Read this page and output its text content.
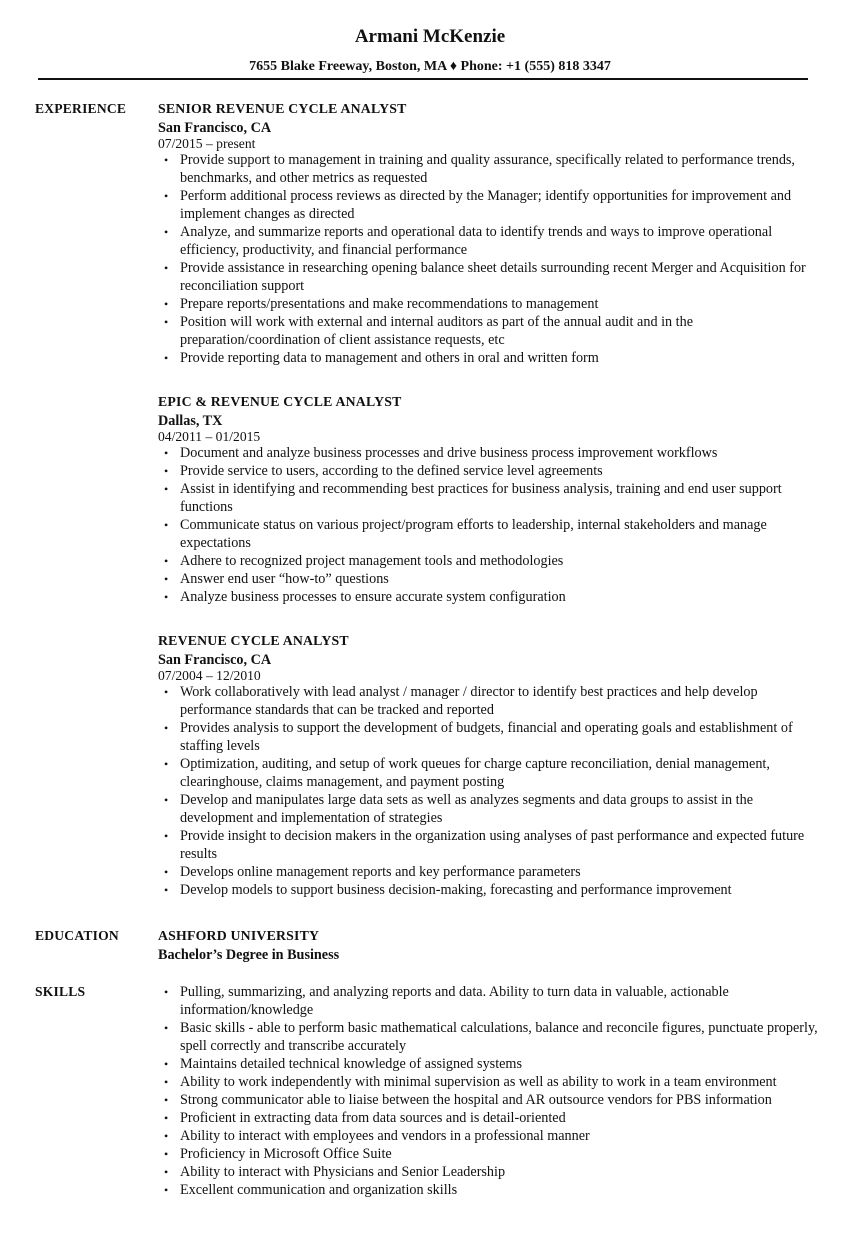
Armani McKenzie
7655 Blake Freeway, Boston, MA ♦ Phone: +1 (555) 818 3347
EXPERIENCE	SENIOR REVENUE CYCLE ANALYST
San Francisco, CA
07/2015 – present
• Provide support to management in training and quality assurance, specifically related to performance trends, benchmarks, and other metrics as requested
• Perform additional process reviews as directed by the Manager; identify opportunities for improvement and implement changes as directed
• Analyze, and summarize reports and operational data to identify trends and ways to improve operational efficiency, productivity, and financial performance
• Provide assistance in researching opening balance sheet details surrounding recent Merger and Acquisition for reconciliation support
• Prepare reports/presentations and make recommendations to management
• Position will work with external and internal auditors as part of the annual audit and in the preparation/coordination of client assistance requests, etc
• Provide reporting data to management and others in oral and written form
EPIC & REVENUE CYCLE ANALYST
Dallas, TX
04/2011 – 01/2015
• Document and analyze business processes and drive business process improvement workflows
• Provide service to users, according to the defined service level agreements
• Assist in identifying and recommending best practices for business analysis, training and end user support functions
• Communicate status on various project/program efforts to leadership, internal stakeholders and manage expectations
• Adhere to recognized project management tools and methodologies
• Answer end user “how-to” questions
• Analyze business processes to ensure accurate system configuration
REVENUE CYCLE ANALYST
San Francisco, CA
07/2004 – 12/2010
• Work collaboratively with lead analyst / manager / director to identify best practices and help develop performance standards that can be tracked and reported
• Provides analysis to support the development of budgets, financial and operating goals and establishment of staffing levels
• Optimization, auditing, and setup of work queues for charge capture reconciliation, denial management, clearinghouse, claims management, and payment posting
• Develop and manipulates large data sets as well as analyzes segments and data groups to assist in the development and implementation of strategies
• Provide insight to decision makers in the organization using analyses of past performance and expected future results
• Develops online management reports and key performance parameters
• Develop models to support business decision-making, forecasting and performance improvement
EDUCATION	ASHFORD UNIVERSITY
Bachelor’s Degree in Business
SKILLS	• Pulling, summarizing, and analyzing reports and data. Ability to turn data in valuable, actionable information/knowledge
• Basic skills - able to perform basic mathematical calculations, balance and reconcile figures, punctuate properly, spell correctly and transcribe accurately
• Maintains detailed technical knowledge of assigned systems
• Ability to work independently with minimal supervision as well as ability to work in a team environment
• Strong communicator able to liaise between the hospital and AR outsource vendors for PBS information
• Proficient in extracting data from data sources and is detail-oriented
• Ability to interact with employees and vendors in a professional manner
• Proficiency in Microsoft Office Suite
• Ability to interact with Physicians and Senior Leadership
• Excellent communication and organization skills
